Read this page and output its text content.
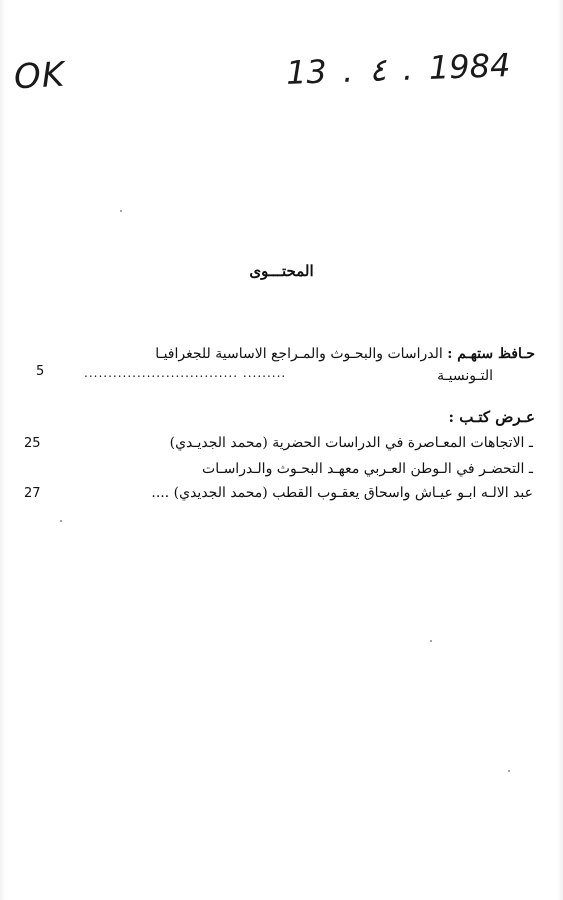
OK	13 . ٤ . 1984
المحتـــوى
حـافظ ستهـم : الدراسات والبحـوث والمـراجع الاساسية للجغرافيـا
التـونسيـة
................................ .........
5
عـرض كتـب :
ـ الاتجاهات المعـاصرة في الدراسات الحضرية (محمد الجديـدي)
25
ـ التحضـر في الـوطن العـربي معهـد البحـوث والـدراسـات
عبد الالـه ابـو عيـاش واسحاق يعقـوب القطب (محمد الجديدي) ....
27
